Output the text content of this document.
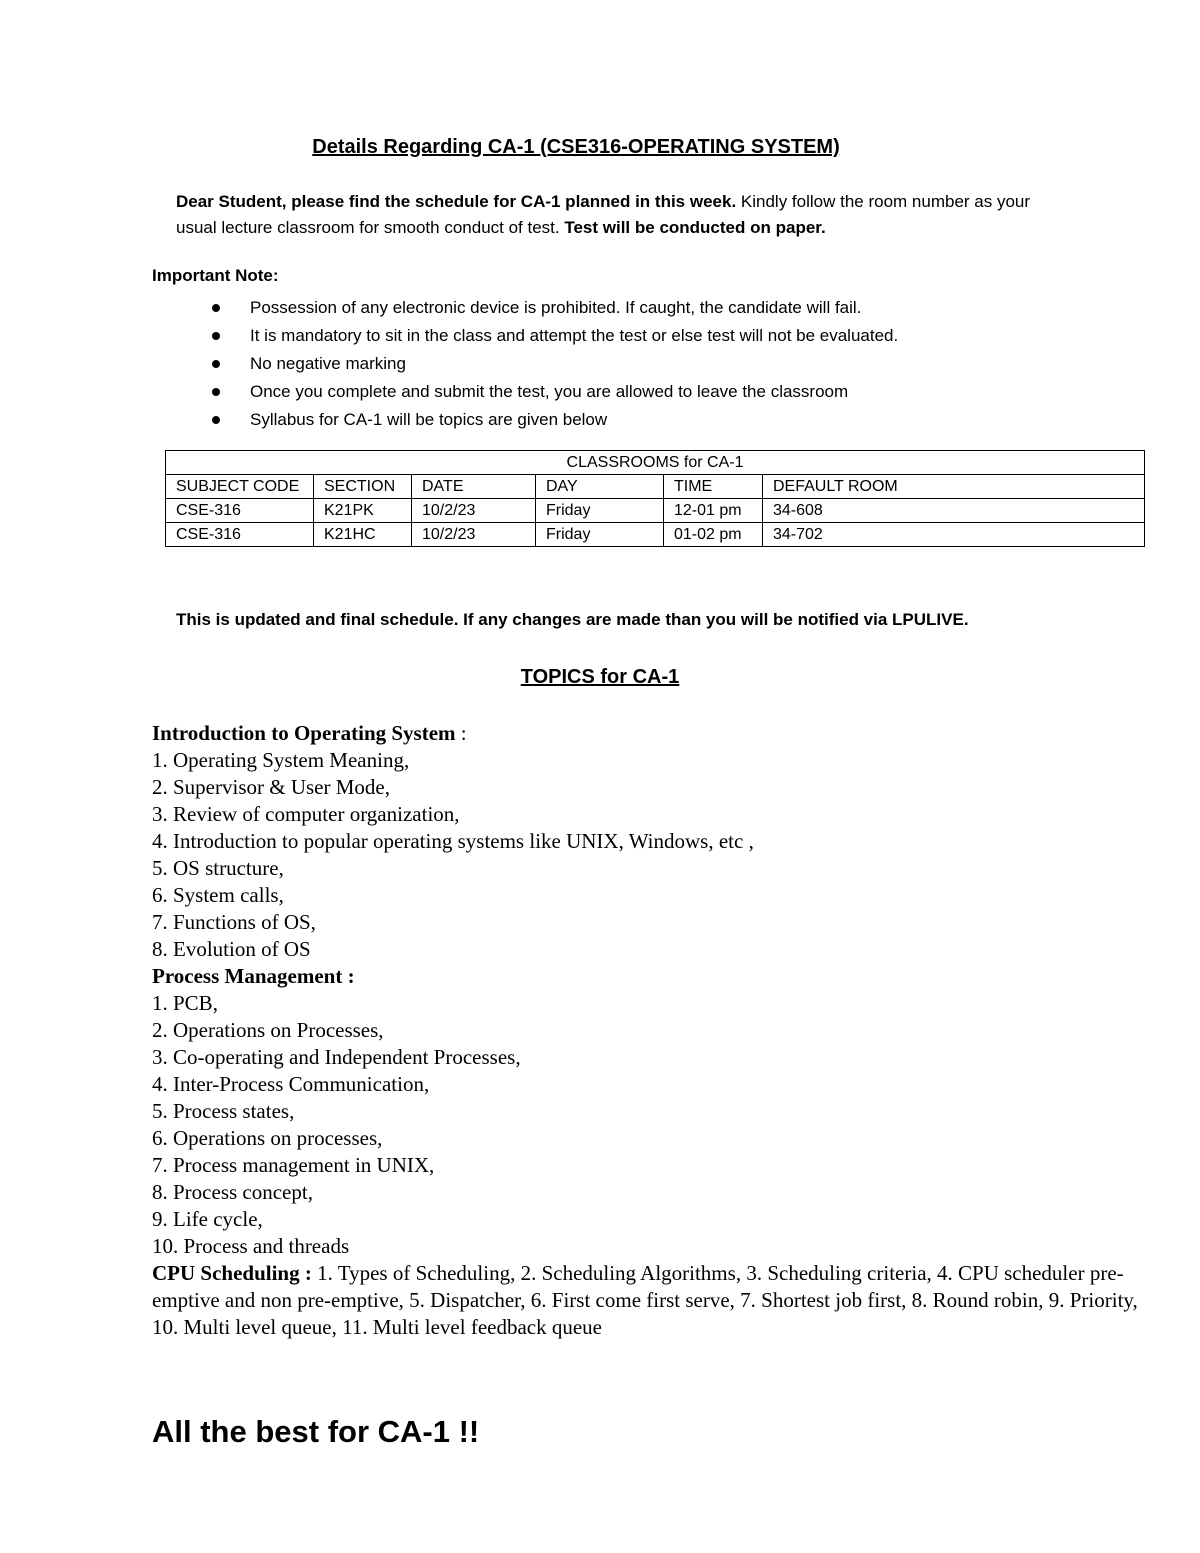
Details Regarding CA-1 (CSE316-OPERATING SYSTEM)
Dear Student, please find the schedule for CA-1 planned in this week. Kindly follow the room number as your usual lecture classroom for smooth conduct of test. Test will be conducted on paper.
Important Note:
Possession of any electronic device is prohibited. If caught, the candidate will fail.
It is mandatory to sit in the class and attempt the test or else test will not be evaluated.
No negative marking
Once you complete and submit the test, you are allowed to leave the classroom
Syllabus for CA-1 will be topics are given below
CLASSROOMS for CA-1					
SUBJECT CODE	SECTION	DATE	DAY	TIME	DEFAULT ROOM
CSE-316	K21PK	10/2/23	Friday	12-01 pm	34-608
CSE-316	K21HC	10/2/23	Friday	01-02 pm	34-702
This is updated and final schedule. If any changes are made than you will be notified via LPULIVE.
TOPICS for CA-1
Introduction to Operating System :
1. Operating System Meaning,
2. Supervisor & User Mode,
3. Review of computer organization,
4. Introduction to popular operating systems like UNIX, Windows, etc ,
5. OS structure,
6. System calls,
7. Functions of OS,
8. Evolution of OS
Process Management :
1. PCB,
2. Operations on Processes,
3. Co-operating and Independent Processes,
4. Inter-Process Communication,
5. Process states,
6. Operations on processes,
7. Process management in UNIX,
8. Process concept,
9. Life cycle,
10. Process and threads
CPU Scheduling : 1. Types of Scheduling, 2. Scheduling Algorithms, 3. Scheduling criteria, 4. CPU scheduler pre-emptive and non pre-emptive, 5. Dispatcher, 6. First come first serve, 7. Shortest job first, 8. Round robin, 9. Priority, 10. Multi level queue, 11. Multi level feedback queue
All the best for CA-1 !!
